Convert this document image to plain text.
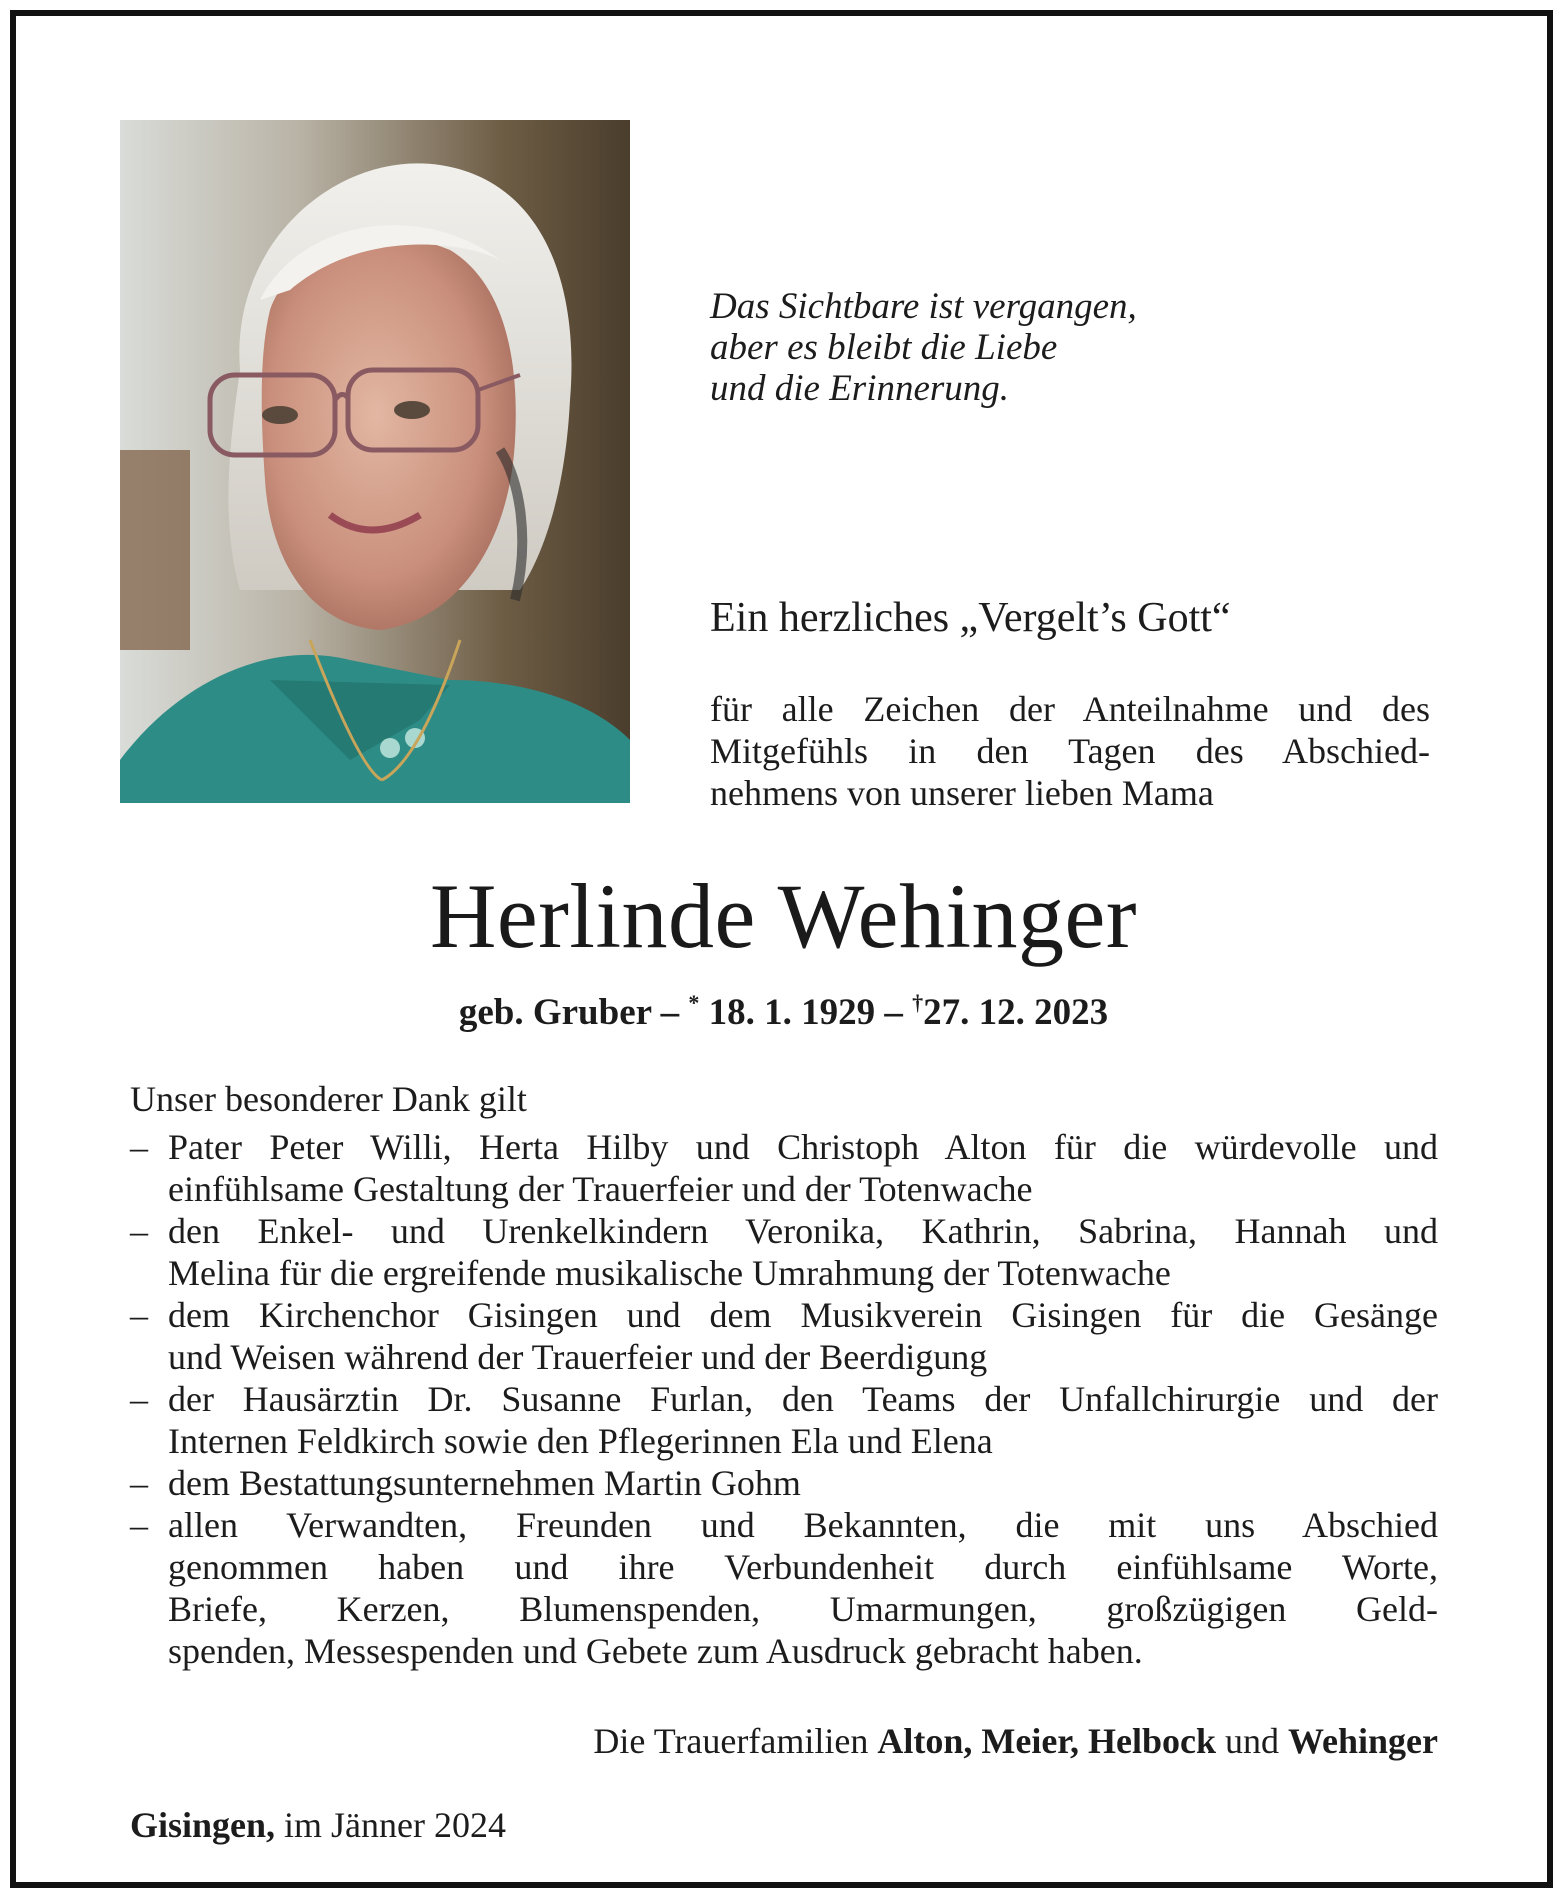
Das Sichtbare ist vergangen,
aber es bleibt die Liebe
und die Erinnerung.
Ein herzliches „Vergelt’s Gott“
für alle Zeichen der Anteilnahme und des
Mitgefühls in den Tagen des Abschied-
nehmens von unserer lieben Mama
Herlinde Wehinger
geb. Gruber – * 18. 1. 1929 – †27. 12. 2023
Unser besonderer Dank gilt
– Pater Peter Willi, Herta Hilby und Christoph Alton für die würdevolle und
einfühlsame Gestaltung der Trauerfeier und der Totenwache
– den Enkel- und Urenkelkindern Veronika, Kathrin, Sabrina, Hannah und
Melina für die ergreifende musikalische Umrahmung der Totenwache
– dem Kirchenchor Gisingen und dem Musikverein Gisingen für die Gesänge
und Weisen während der Trauerfeier und der Beerdigung
– der Hausärztin Dr. Susanne Furlan, den Teams der Unfallchirurgie und der
Internen Feldkirch sowie den Pflegerinnen Ela und Elena
– dem Bestattungsunternehmen Martin Gohm
– allen Verwandten, Freunden und Bekannten, die mit uns Abschied
genommen haben und ihre Verbundenheit durch einfühlsame Worte,
Briefe, Kerzen, Blumenspenden, Umarmungen, großzügigen Geld-
spenden, Messespenden und Gebete zum Ausdruck gebracht haben.
Die Trauerfamilien Alton, Meier, Helbock und Wehinger
Gisingen, im Jänner 2024
